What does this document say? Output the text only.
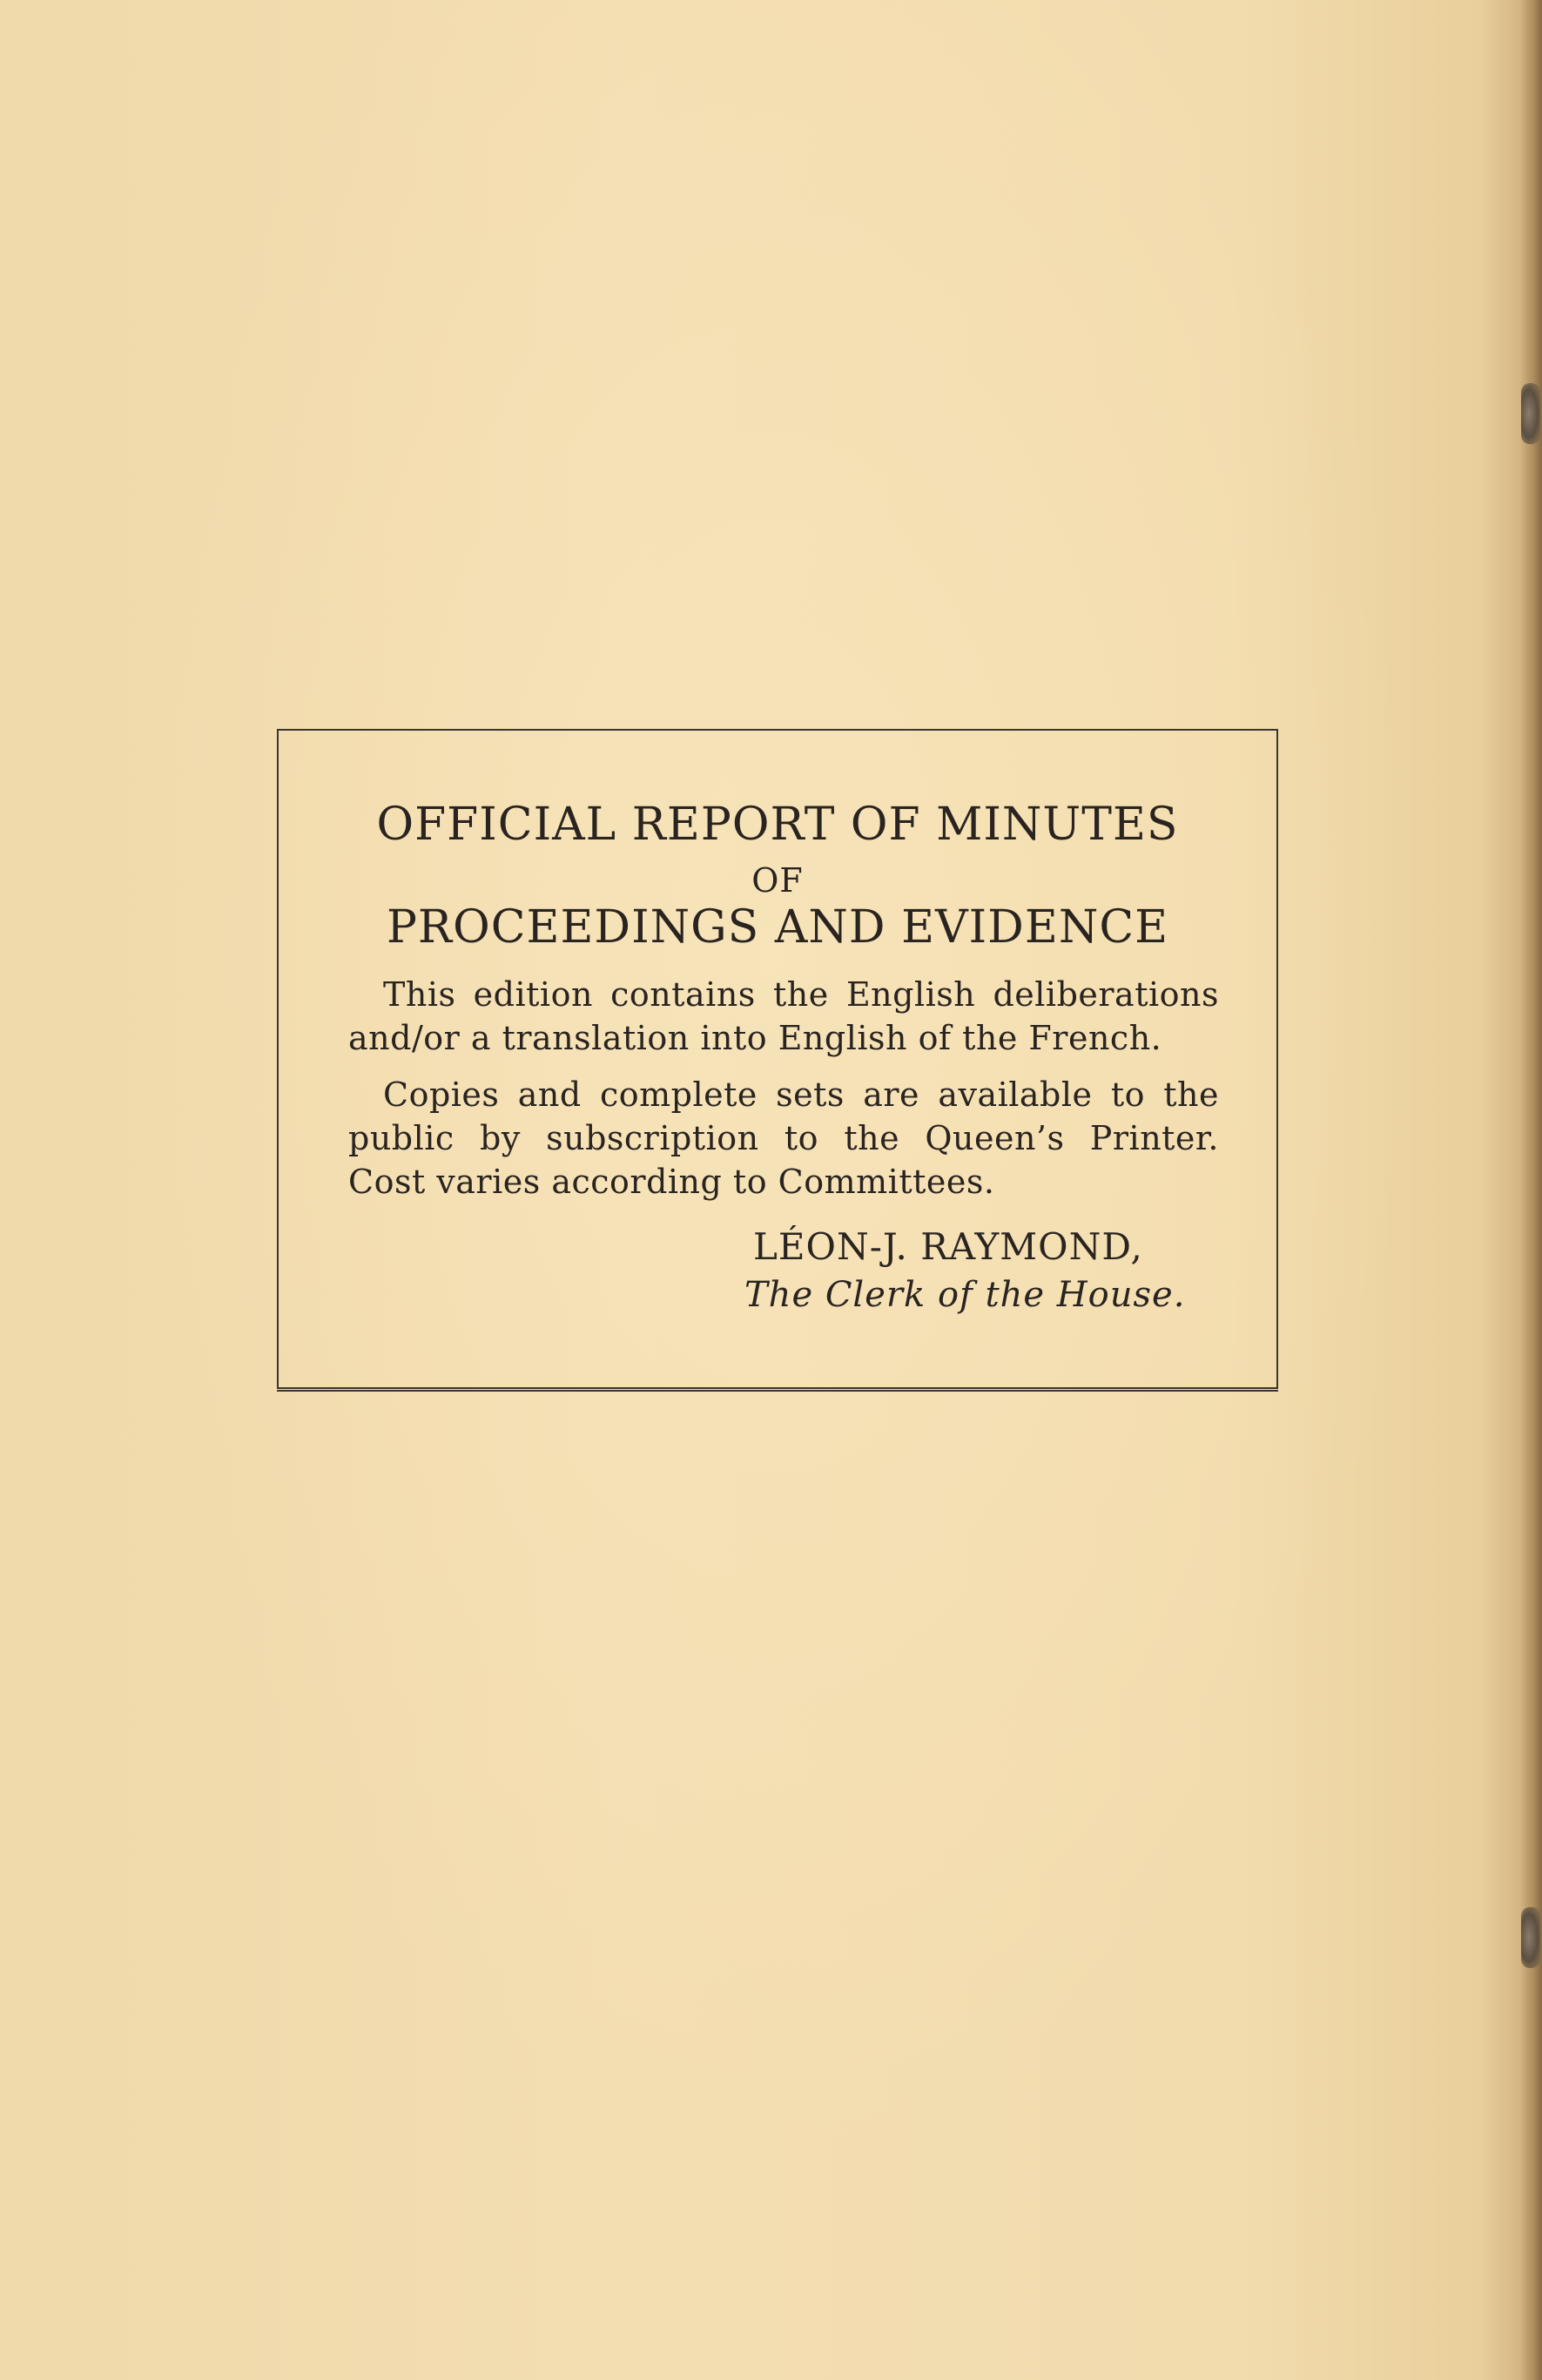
OFFICIAL REPORT OF MINUTES
OF
PROCEEDINGS AND EVIDENCE
This edition contains the English deliberations and/or a translation into English of the French.
Copies and complete sets are available to the public by subscription to the Queen’s Printer. Cost varies according to Committees.
LÉON-J. RAYMOND,
The Clerk of the House.
